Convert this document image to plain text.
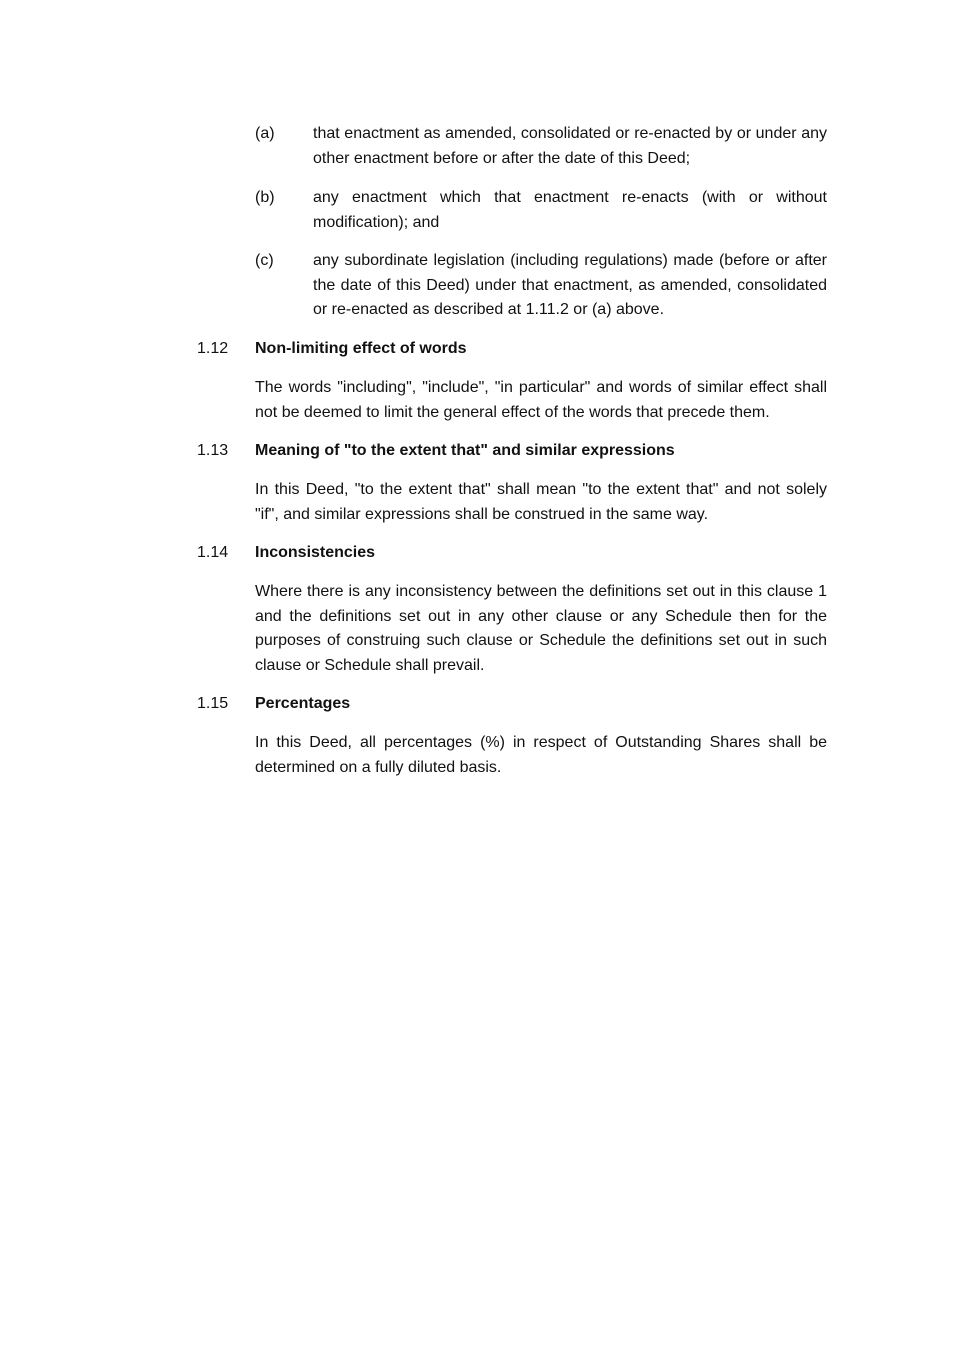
(a) that enactment as amended, consolidated or re-enacted by or under any other enactment before or after the date of this Deed;
(b) any enactment which that enactment re-enacts (with or without modification); and
(c) any subordinate legislation (including regulations) made (before or after the date of this Deed) under that enactment, as amended, consolidated or re-enacted as described at 1.11.2 or (a) above.
1.12 Non-limiting effect of words
The words "including", "include", "in particular" and words of similar effect shall not be deemed to limit the general effect of the words that precede them.
1.13 Meaning of "to the extent that" and similar expressions
In this Deed, "to the extent that" shall mean "to the extent that" and not solely "if", and similar expressions shall be construed in the same way.
1.14 Inconsistencies
Where there is any inconsistency between the definitions set out in this clause 1 and the definitions set out in any other clause or any Schedule then for the purposes of construing such clause or Schedule the definitions set out in such clause or Schedule shall prevail.
1.15 Percentages
In this Deed, all percentages (%) in respect of Outstanding Shares shall be determined on a fully diluted basis.
